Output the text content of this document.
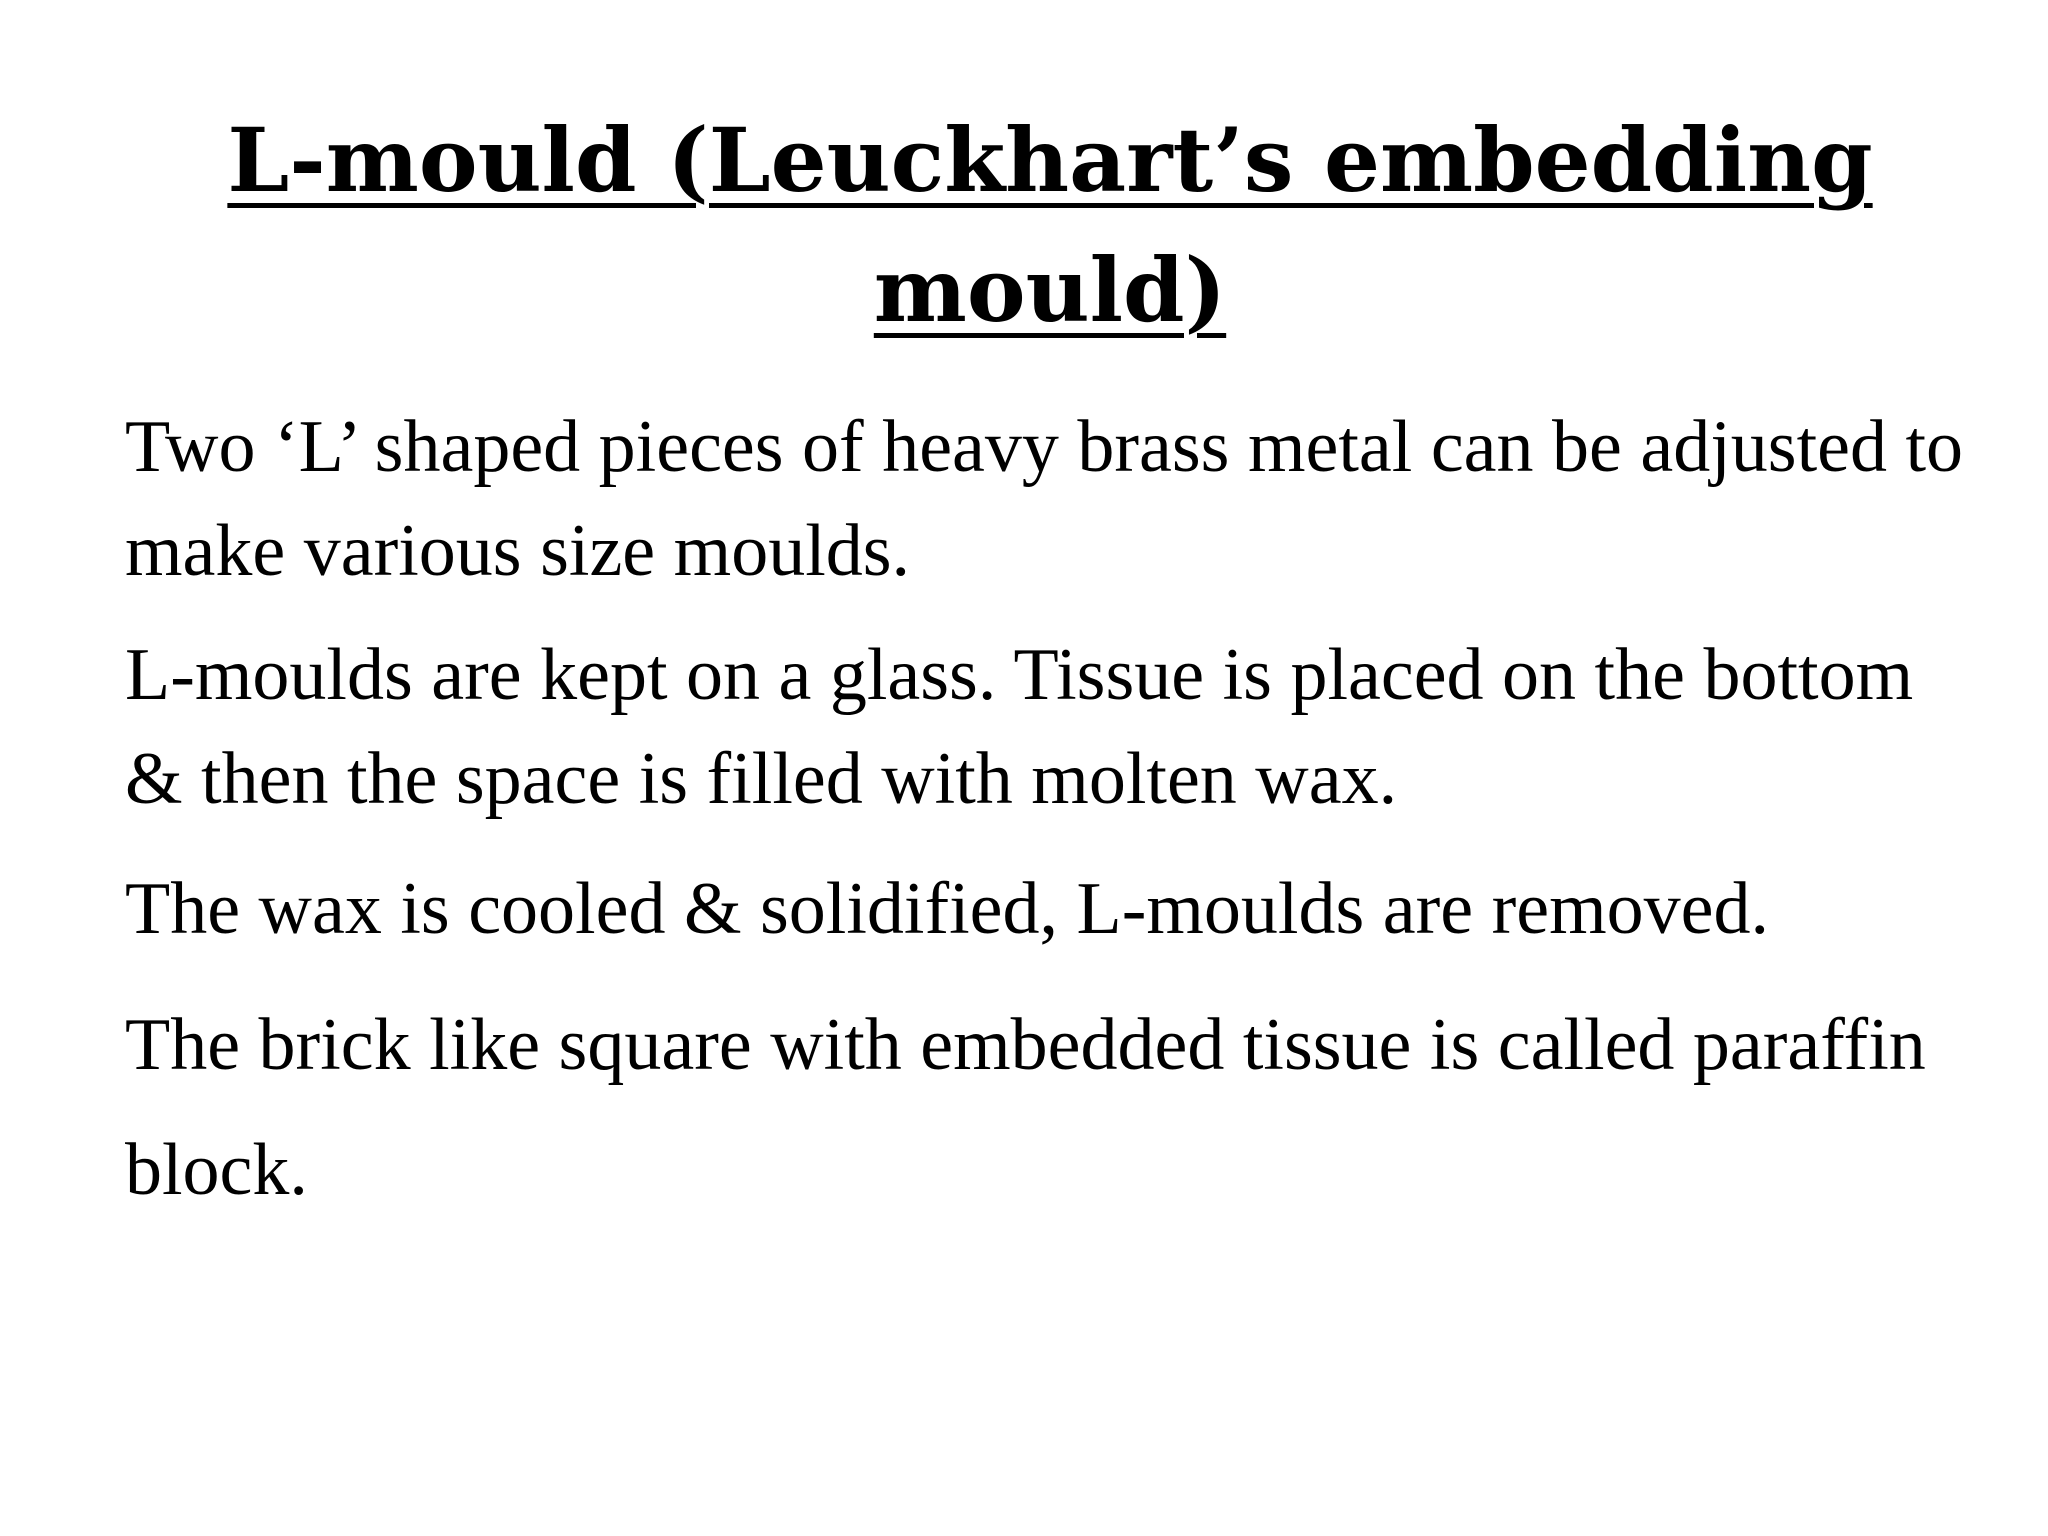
L-mould (Leuckhart’s embedding mould)

Two ‘L’ shaped pieces of heavy brass metal can be adjusted to make various size moulds.

L-moulds are kept on a glass. Tissue is placed on the bottom & then the space is filled with molten wax.

The wax is cooled & solidified, L-moulds are removed.

The brick like square with embedded tissue is called paraffin block.
